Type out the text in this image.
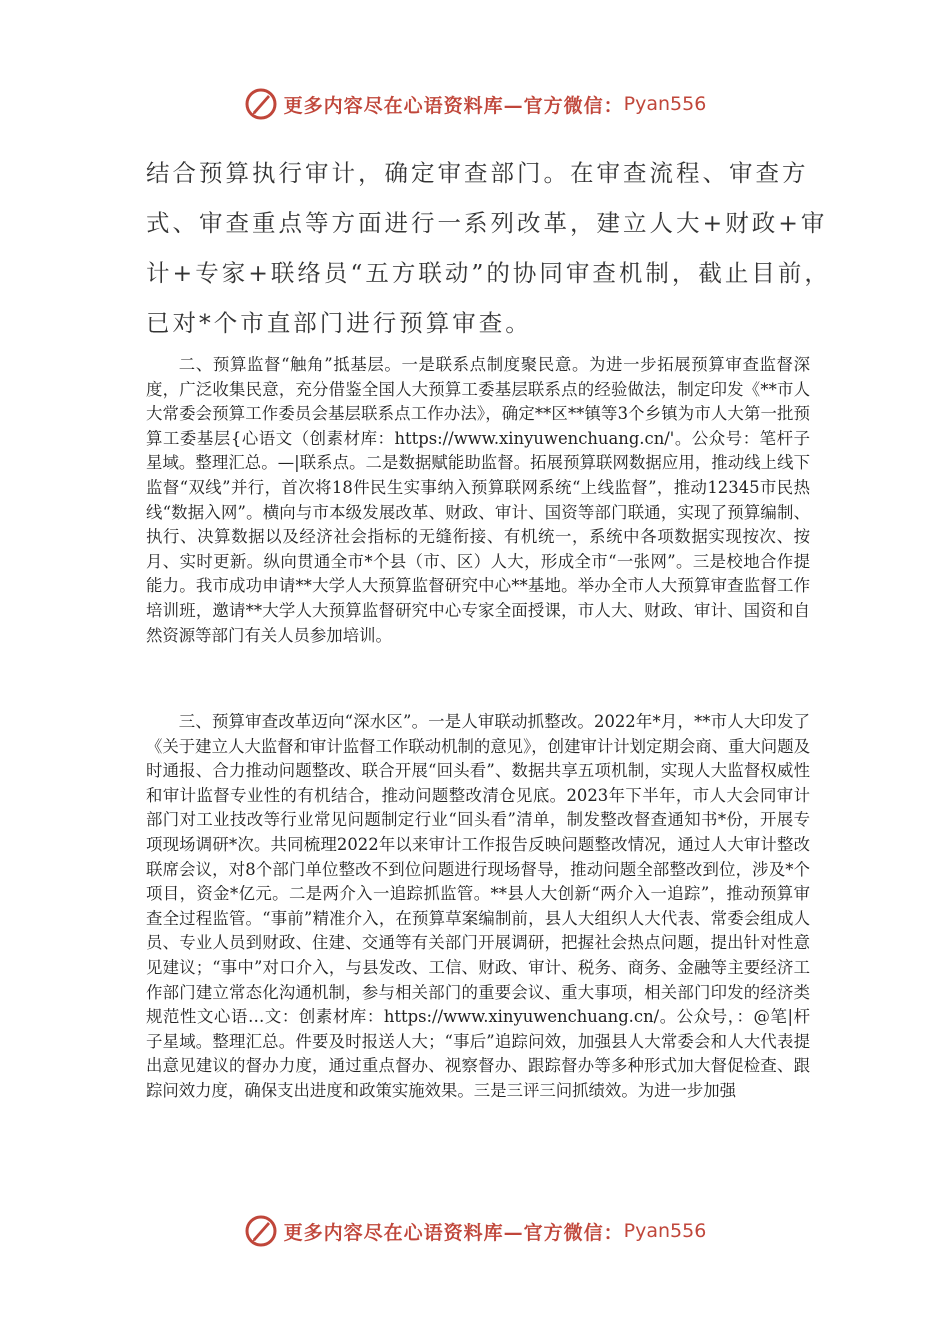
更多内容尽在心语资料库—官方微信： Pyan556
结合预算执行审计，确定审查部门。在审查流程、审查方
式、审查重点等方面进行一系列改革，建立人大+财政+审
计+专家+联络员“五方联动”的协同审查机制，截止目前，
已对*个市直部门进行预算审查。

二、预算监督“触角”抵基层。一是联系点制度聚民意。为进一步拓展预算审查监督深度，广泛收集民意，充分借鉴全国人大预算工委基层联系点的经验做法，制定印发《**市人大常委会预算工作委员会基层联系点工作办法》，确定**区**镇等3个乡镇为市人大第一批预算工委基层{心语文（创素材库：https://www.xinyuwenchuang.cn/'。公众号：笔杆子星域。整理汇总。—|联系点。二是数据赋能助监督。拓展预算联网数据应用，推动线上线下监督“双线”并行，首次将18件民生实事纳入预算联网系统“上线监督”，推动12345市民热线“数据入网”。横向与市本级发展改革、财政、审计、国资等部门联通，实现了预算编制、执行、决算数据以及经济社会指标的无缝衔接、有机统一，系统中各项数据实现按次、按月、实时更新。纵向贯通全市*个县（市、区）人大，形成全市“一张网”。三是校地合作提能力。我市成功申请**大学人大预算监督研究中心**基地。举办全市人大预算审查监督工作培训班，邀请**大学人大预算监督研究中心专家全面授课，市人大、财政、审计、国资和自然资源等部门有关人员参加培训。

三、预算审查改革迈向“深水区”。一是人审联动抓整改。2022年*月，**市人大印发了《关于建立人大监督和审计监督工作联动机制的意见》，创建审计计划定期会商、重大问题及时通报、合力推动问题整改、联合开展“回头看”、数据共享五项机制，实现人大监督权威性和审计监督专业性的有机结合，推动问题整改清仓见底。2023年下半年，市人大会同审计部门对工业技改等行业常见问题制定行业“回头看”清单，制发整改督查通知书*份，开展专项现场调研*次。共同梳理2022年以来审计工作报告反映问题整改情况，通过人大审计整改联席会议，对8个部门单位整改不到位问题进行现场督导，推动问题全部整改到位，涉及*个项目，资金*亿元。二是两介入一追踪抓监管。**县人大创新“两介入一追踪”，推动预算审查全过程监管。“事前”精准介入，在预算草案编制前，县人大组织人大代表、常委会组成人员、专业人员到财政、住建、交通等有关部门开展调研，把握社会热点问题，提出针对性意见建议；“事中”对口介入，与县发改、工信、财政、审计、税务、商务、金融等主要经济工作部门建立常态化沟通机制，参与相关部门的重要会议、重大事项，相关部门印发的经济类规范性文心语…文：创素材库：https://www.xinyuwenchuang.cn/。公众号，：@笔|杆子星域。整理汇总。件要及时报送人大；“事后”追踪问效，加强县人大常委会和人大代表提出意见建议的督办力度，通过重点督办、视察督办、跟踪督办等多种形式加大督促检查、跟踪问效力度，确保支出进度和政策实施效果。三是三评三问抓绩效。为进一步加强

更多内容尽在心语资料库—官方微信： Pyan556
